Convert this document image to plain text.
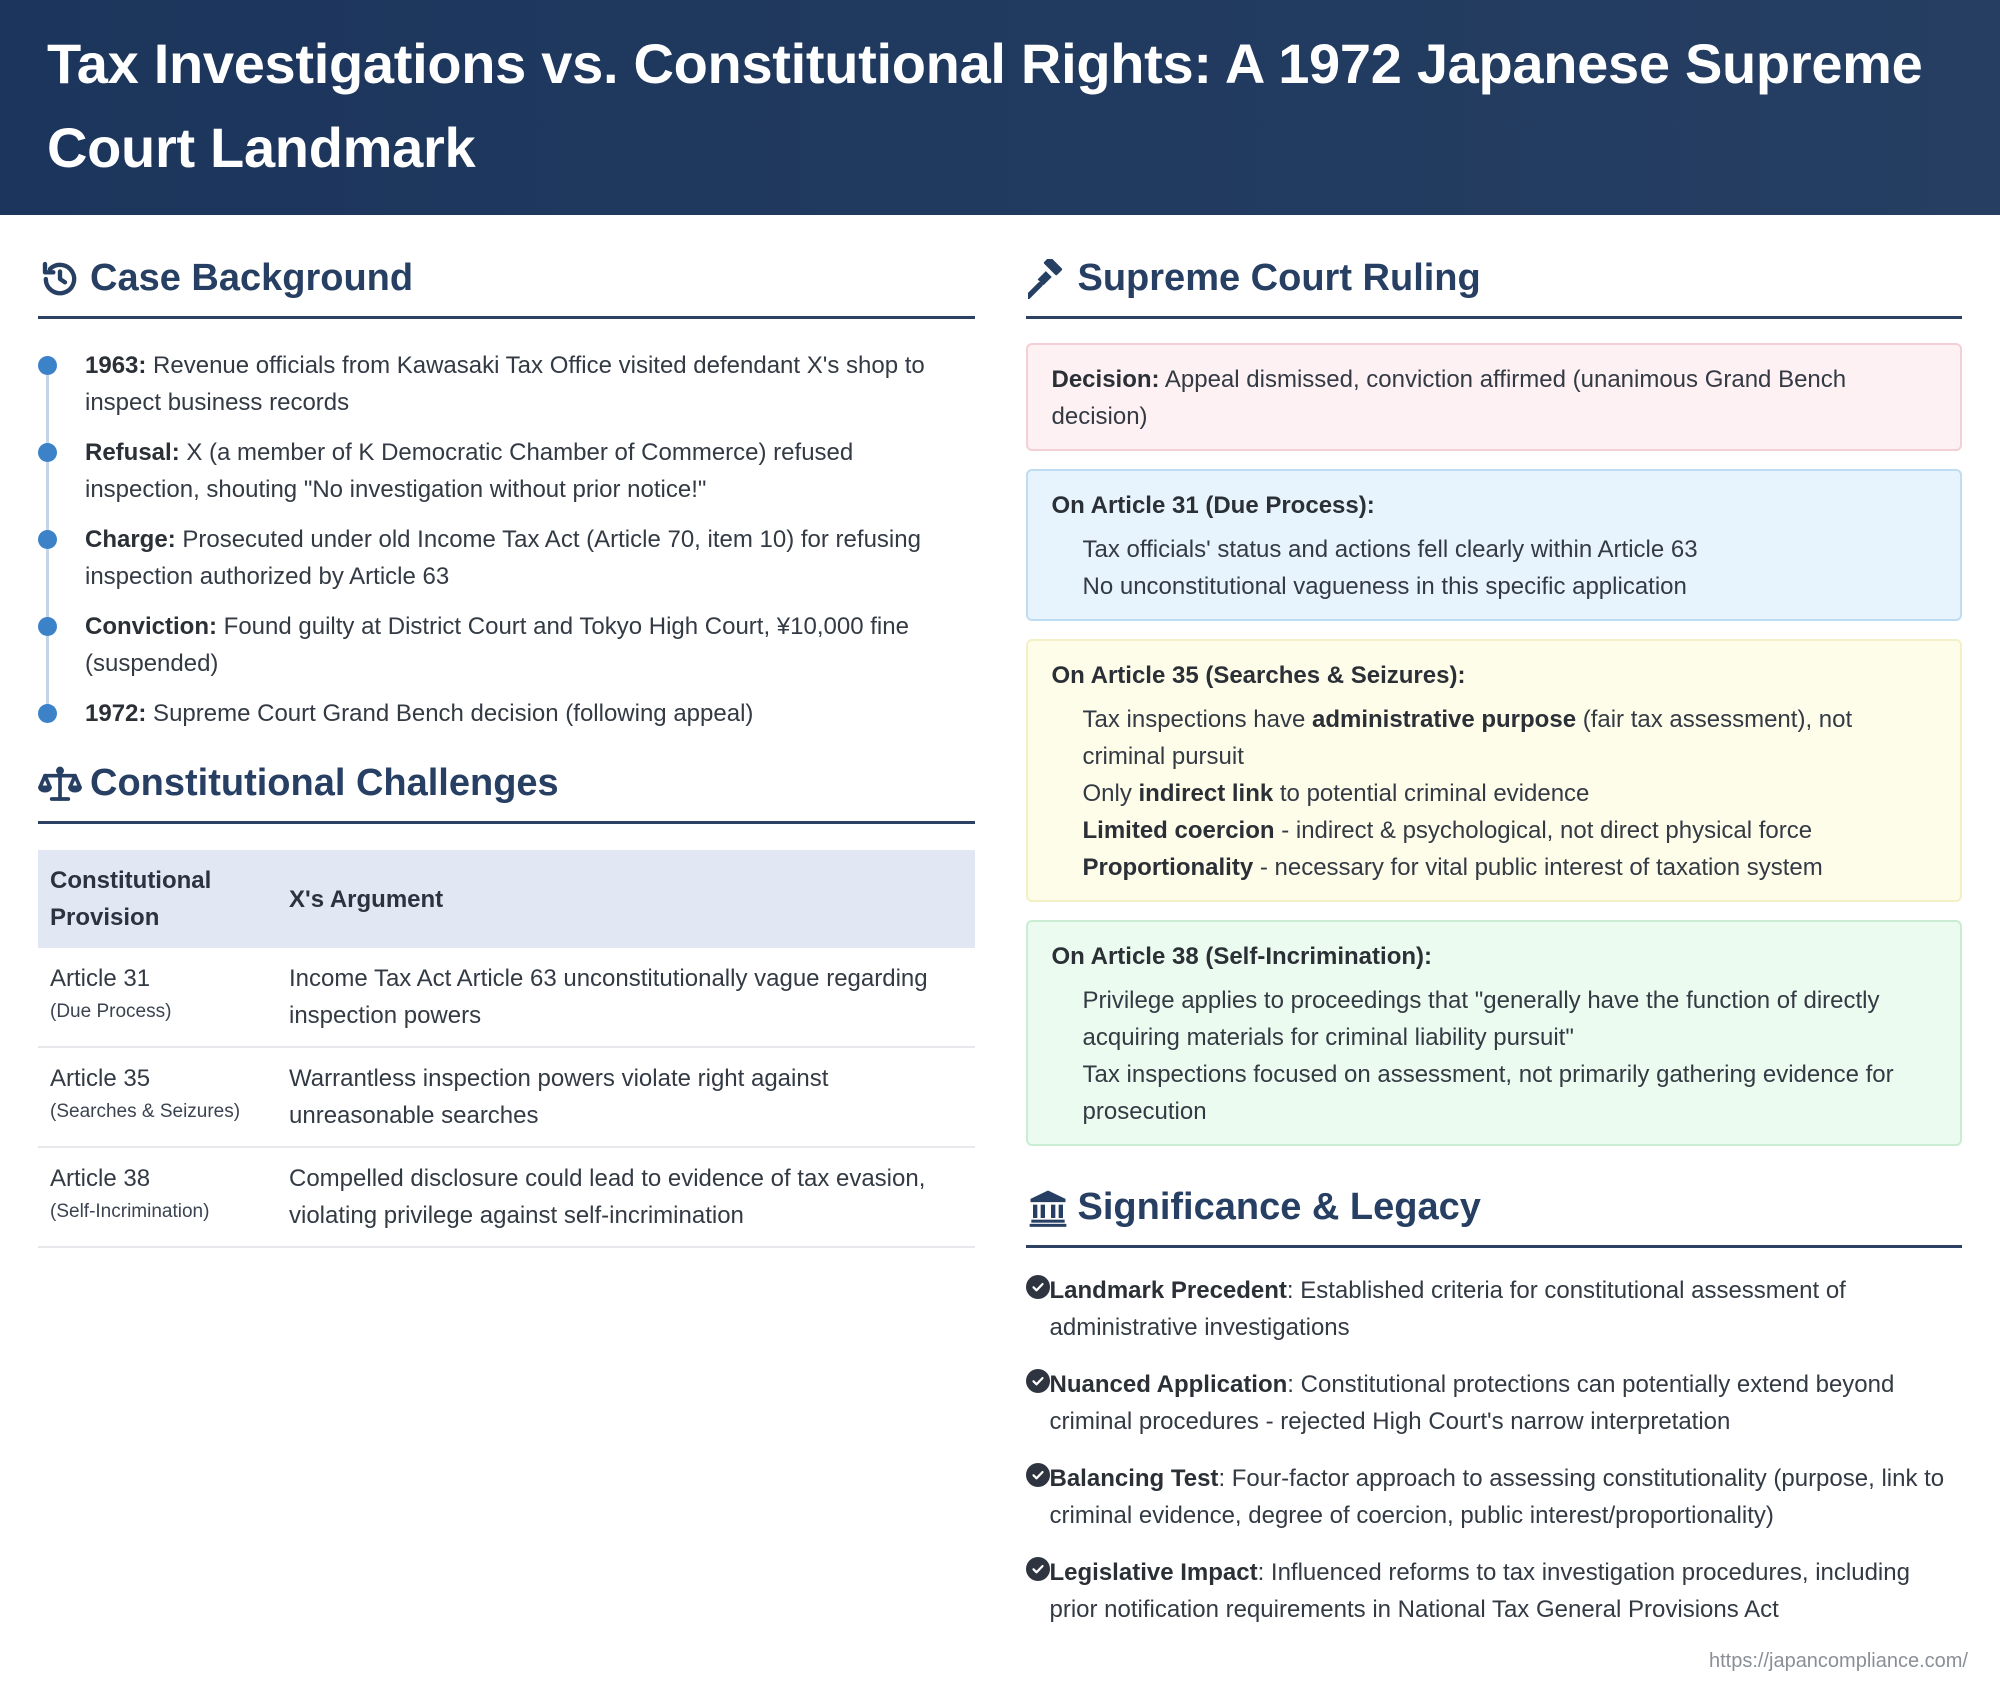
Tax Investigations vs. Constitutional Rights: A 1972 Japanese Supreme Court Landmark
Case Background
1963: Revenue officials from Kawasaki Tax Office visited defendant X's shop to inspect business records
Refusal: X (a member of K Democratic Chamber of Commerce) refused inspection, shouting "No investigation without prior notice!"
Charge: Prosecuted under old Income Tax Act (Article 70, item 10) for refusing inspection authorized by Article 63
Conviction: Found guilty at District Court and Tokyo High Court, ¥10,000 fine (suspended)
1972: Supreme Court Grand Bench decision (following appeal)
Constitutional Challenges
Constitutional Provision	X's Argument
Article 31
(Due Process)	Income Tax Act Article 63 unconstitutionally vague regarding inspection powers
Article 35
(Searches & Seizures)	Warrantless inspection powers violate right against unreasonable searches
Article 38
(Self-Incrimination)	Compelled disclosure could lead to evidence of tax evasion, violating privilege against self-incrimination
Supreme Court Ruling
Decision: Appeal dismissed, conviction affirmed (unanimous Grand Bench decision)
On Article 31 (Due Process):
Tax officials' status and actions fell clearly within Article 63
No unconstitutional vagueness in this specific application
On Article 35 (Searches & Seizures):
Tax inspections have administrative purpose (fair tax assessment), not criminal pursuit
Only indirect link to potential criminal evidence
Limited coercion - indirect & psychological, not direct physical force
Proportionality - necessary for vital public interest of taxation system
On Article 38 (Self-Incrimination):
Privilege applies to proceedings that "generally have the function of directly acquiring materials for criminal liability pursuit"
Tax inspections focused on assessment, not primarily gathering evidence for prosecution
Significance & Legacy
Landmark Precedent: Established criteria for constitutional assessment of administrative investigations
Nuanced Application: Constitutional protections can potentially extend beyond criminal procedures - rejected High Court's narrow interpretation
Balancing Test: Four-factor approach to assessing constitutionality (purpose, link to criminal evidence, degree of coercion, public interest/proportionality)
Legislative Impact: Influenced reforms to tax investigation procedures, including prior notification requirements in National Tax General Provisions Act
https://japancompliance.com/
